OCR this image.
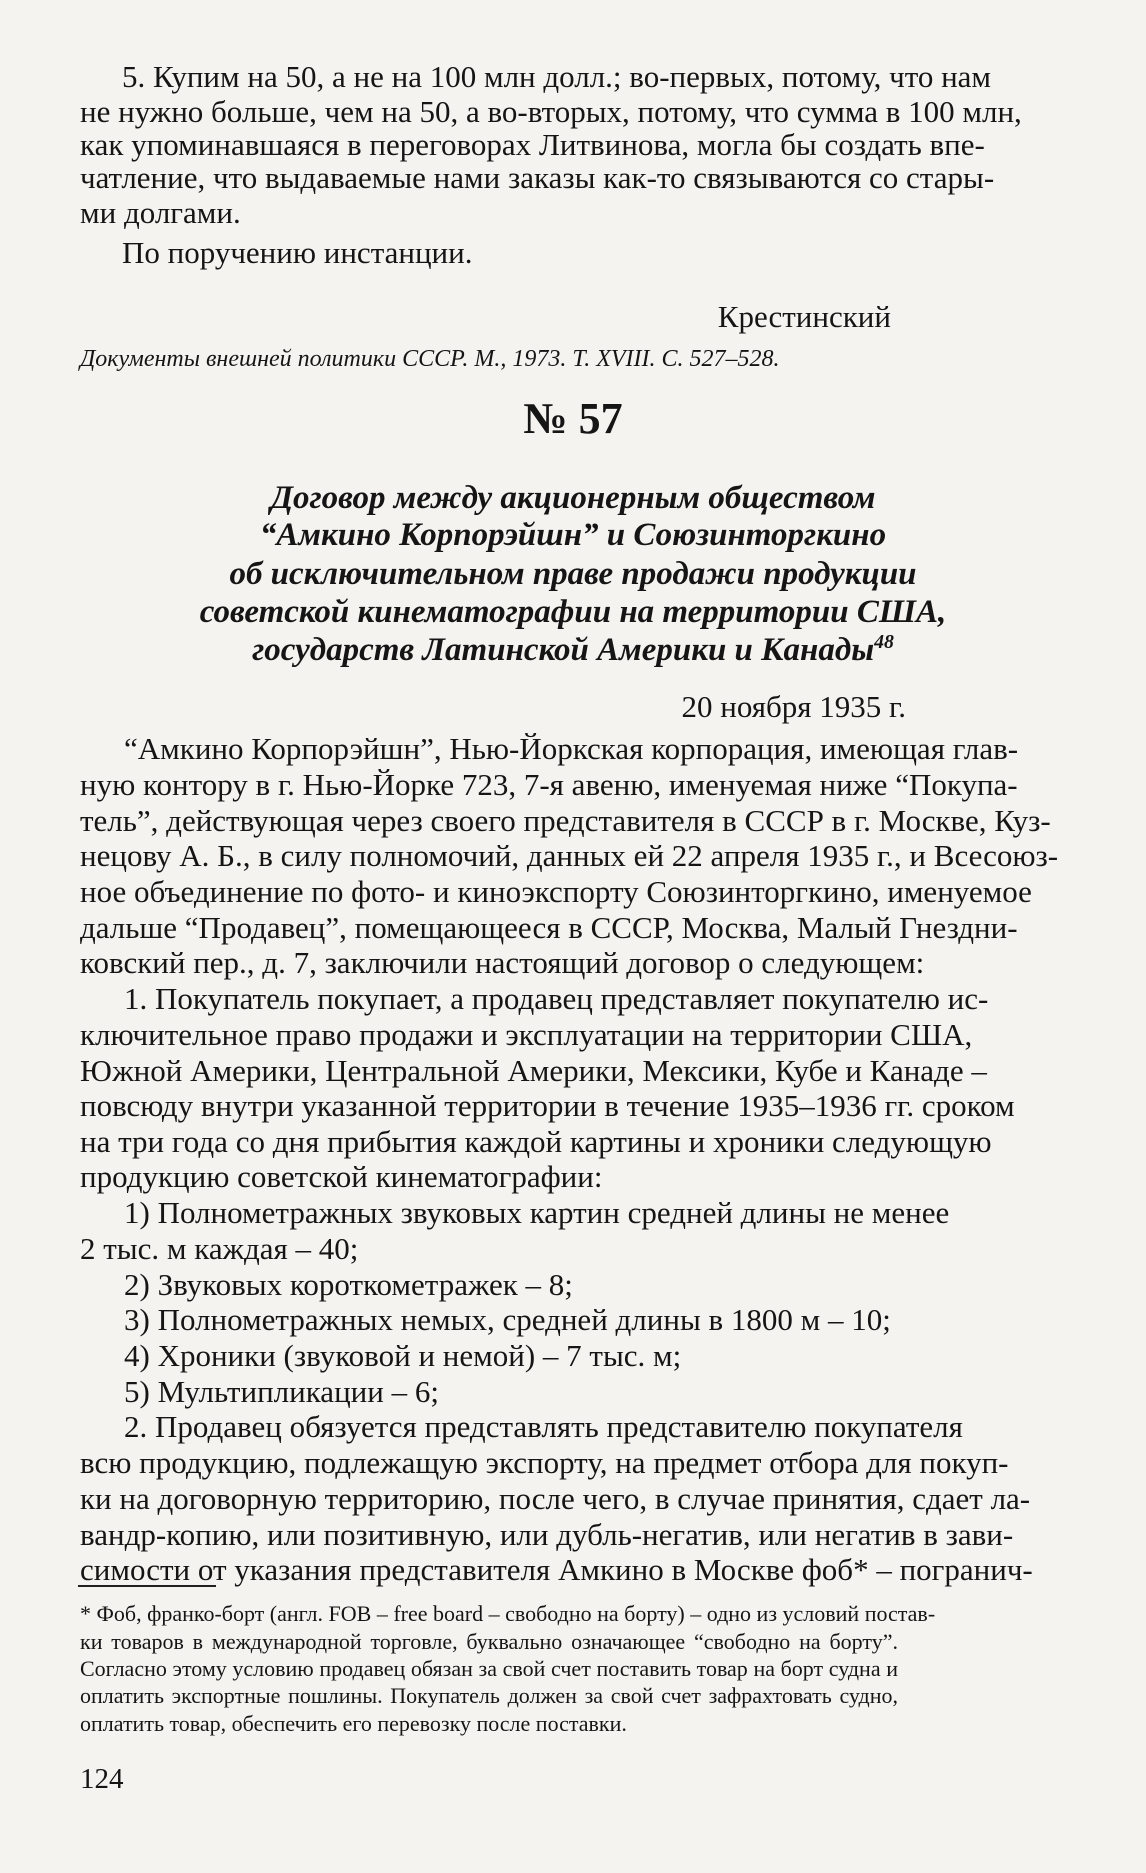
5. Купим на 50, а не на 100 млн долл.; во-первых, потому, что нам
не нужно больше, чем на 50, а во-вторых, потому, что сумма в 100 млн,
как упоминавшаяся в переговорах Литвинова, могла бы создать впе-
чатление, что выдаваемые нами заказы как-то связываются со стары-
ми долгами.
По поручению инстанции.
Крестинский
Документы внешней политики СССР. М., 1973. Т. XVIII. С. 527–528.
№ 57
Договор между акционерным обществом
“Амкино Корпорэйшн” и Союзинторгкино
об исключительном праве продажи продукции
советской кинематографии на территории США,
государств Латинской Америки и Канады$^{48}$
20 ноября 1935 г.
“Амкино Корпорэйшн”, Нью-Йоркская корпорация, имеющая глав-
ную контору в г. Нью-Йорке 723, 7-я авеню, именуемая ниже “Покупа-
тель”, действующая через своего представителя в СССР в г. Москве, Куз-
нецову А. Б., в силу полномочий, данных ей 22 апреля 1935 г., и Всесоюз-
ное объединение по фото- и киноэкспорту Союзинторгкино, именуемое
дальше “Продавец”, помещающееся в СССР, Москва, Малый Гнездни-
ковский пер., д. 7, заключили настоящий договор о следующем:
1. Покупатель покупает, а продавец представляет покупателю ис-
ключительное право продажи и эксплуатации на территории США,
Южной Америки, Центральной Америки, Мексики, Кубе и Канаде –
повсюду внутри указанной территории в течение 1935–1936 гг. сроком
на три года со дня прибытия каждой картины и хроники следующую
продукцию советской кинематографии:
1) Полнометражных звуковых картин средней длины не менее
2 тыс. м каждая – 40;
2) Звуковых короткометражек – 8;
3) Полнометражных немых, средней длины в 1800 м – 10;
4) Хроники (звуковой и немой) – 7 тыс. м;
5) Мультипликации – 6;
2. Продавец обязуется представлять представителю покупателя
всю продукцию, подлежащую экспорту, на предмет отбора для покуп-
ки на договорную территорию, после чего, в случае принятия, сдает ла-
вандр-копию, или позитивную, или дубль-негатив, или негатив в зави-
симости от указания представителя Амкино в Москве фоб* – погранич-
* Фоб, франко-борт (англ. FOB – free board – свободно на борту) – одно из условий постав-
ки товаров в международной торговле, буквально означающее “свободно на борту”.
Согласно этому условию продавец обязан за свой счет поставить товар на борт судна и
оплатить экспортные пошлины. Покупатель должен за свой счет зафрахтовать судно,
оплатить товар, обеспечить его перевозку после поставки.
124
